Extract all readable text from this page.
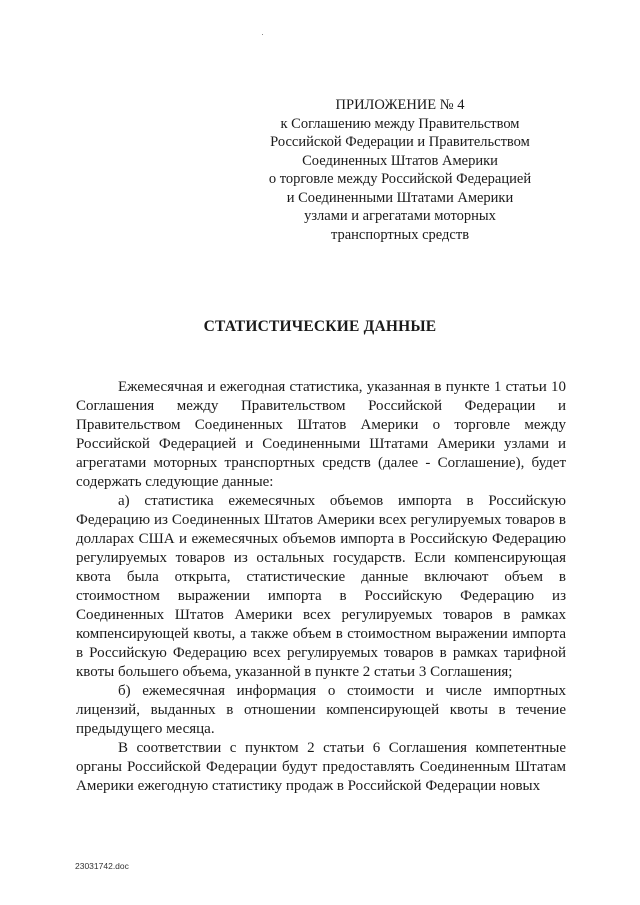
ПРИЛОЖЕНИЕ № 4
к Соглашению между Правительством
Российской Федерации и Правительством
Соединенных Штатов Америки
о торговле между Российской Федерацией
и Соединенными Штатами Америки
узлами и агрегатами моторных
транспортных средств
СТАТИСТИЧЕСКИЕ ДАННЫЕ

Ежемесячная и ежегодная статистика, указанная в пункте 1 статьи 10 Соглашения между Правительством Российской Федерации и Правительством Соединенных Штатов Америки о торговле между Российской Федерацией и Соединенными Штатами Америки узлами и агрегатами моторных транспортных средств (далее - Соглашение), будет содержать следующие данные:

а) статистика ежемесячных объемов импорта в Российскую Федерацию из Соединенных Штатов Америки всех регулируемых товаров в долларах США и ежемесячных объемов импорта в Российскую Федерацию регулируемых товаров из остальных государств. Если компенсирующая квота была открыта, статистические данные включают объем в стоимостном выражении импорта в Российскую Федерацию из Соединенных Штатов Америки всех регулируемых товаров в рамках компенсирующей квоты, а также объем в стоимостном выражении импорта в Российскую Федерацию всех регулируемых товаров в рамках тарифной квоты большего объема, указанной в пункте 2 статьи 3 Соглашения;

б) ежемесячная информация о стоимости и числе импортных лицензий, выданных в отношении компенсирующей квоты в течение предыдущего месяца.

В соответствии с пунктом 2 статьи 6 Соглашения компетентные органы Российской Федерации будут предоставлять Соединенным Штатам Америки ежегодную статистику продаж в Российской Федерации новых

23031742.doc
